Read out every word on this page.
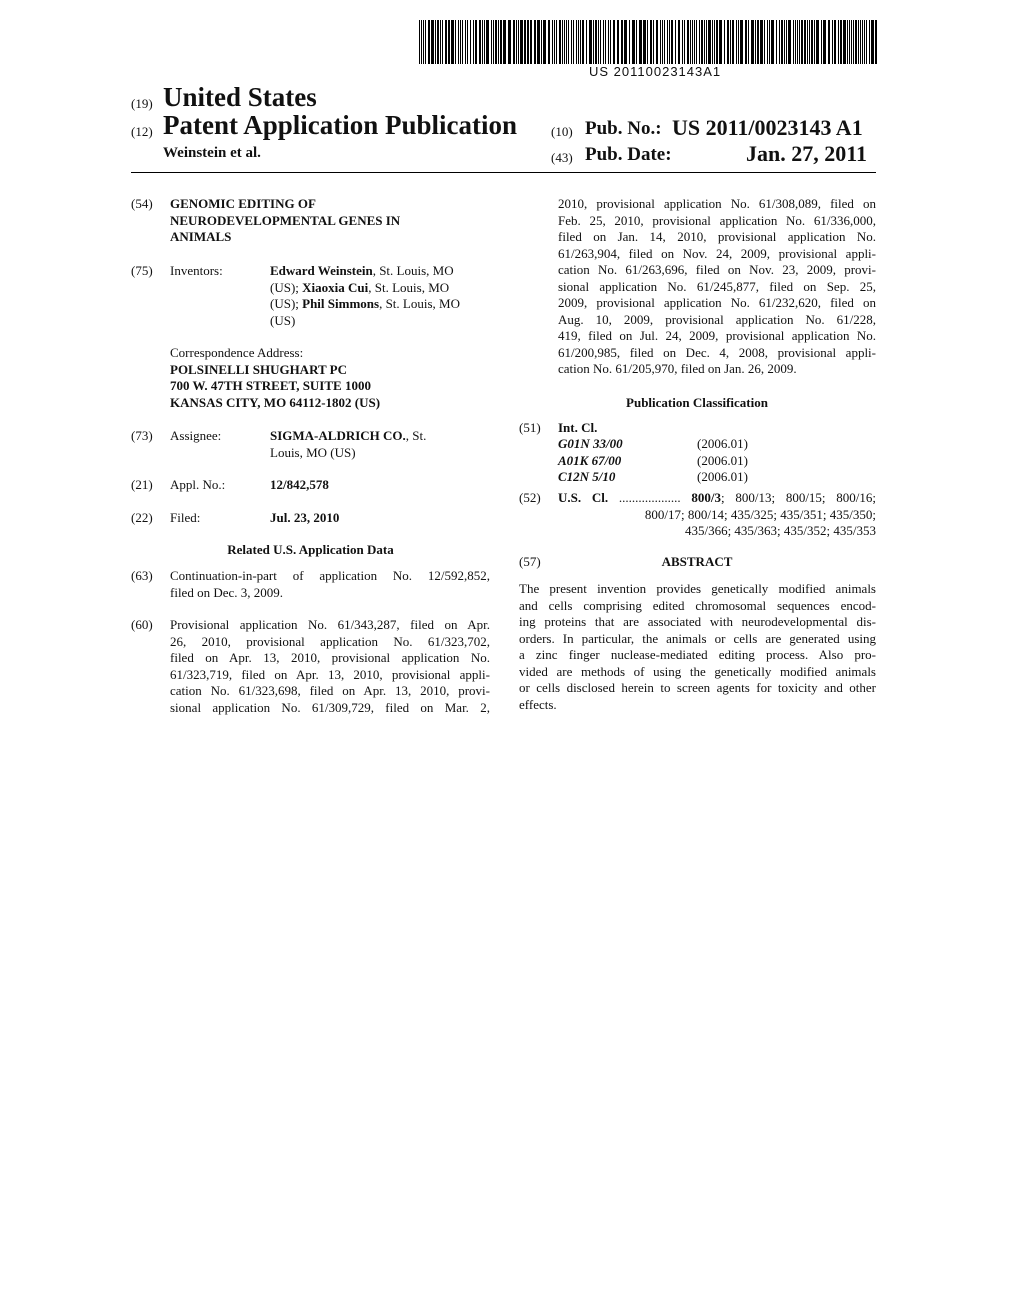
US 20110023143A1
(19) United States
(12) Patent Application Publication
Weinstein et al.
(10) Pub. No.: US 2011/0023143 A1
(43) Pub. Date:	Jan. 27, 2011
(54) GENOMIC EDITING OF
NEURODEVELOPMENTAL GENES IN
ANIMALS
(75) Inventors:	Edward Weinstein, St. Louis, MO
(US); Xiaoxia Cui, St. Louis, MO
(US); Phil Simmons, St. Louis, MO
(US)
Correspondence Address:
POLSINELLI SHUGHART PC
700 W. 47TH STREET, SUITE 1000
KANSAS CITY, MO 64112-1802 (US)
(73) Assignee:	SIGMA-ALDRICH CO., St.
Louis, MO (US)
(21) Appl. No.:	12/842,578
(22) Filed:	Jul. 23, 2010
Related U.S. Application Data
(63) Continuation-in-part of application No. 12/592,852,
filed on Dec. 3, 2009.
(60) Provisional application No. 61/343,287, filed on Apr.
26, 2010, provisional application No. 61/323,702,
filed on Apr. 13, 2010, provisional application No.
61/323,719, filed on Apr. 13, 2010, provisional appli-
cation No. 61/323,698, filed on Apr. 13, 2010, provi-
sional application No. 61/309,729, filed on Mar. 2,
2010, provisional application No. 61/308,089, filed on
Feb. 25, 2010, provisional application No. 61/336,000,
filed on Jan. 14, 2010, provisional application No.
61/263,904, filed on Nov. 24, 2009, provisional appli-
cation No. 61/263,696, filed on Nov. 23, 2009, provi-
sional application No. 61/245,877, filed on Sep. 25,
2009, provisional application No. 61/232,620, filed on
Aug. 10, 2009, provisional application No. 61/228,
419, filed on Jul. 24, 2009, provisional application No.
61/200,985, filed on Dec. 4, 2008, provisional appli-
cation No. 61/205,970, filed on Jan. 26, 2009.
Publication Classification
(51) Int. Cl.
G01N 33/00	(2006.01)
A01K 67/00	(2006.01)
C12N 5/10	(2006.01)
(52) U.S. Cl. ................... 800/3; 800/13; 800/15; 800/16;
800/17; 800/14; 435/325; 435/351; 435/350;
435/366; 435/363; 435/352; 435/353
(57)	ABSTRACT
The present invention provides genetically modified animals
and cells comprising edited chromosomal sequences encod-
ing proteins that are associated with neurodevelopmental dis-
orders. In particular, the animals or cells are generated using
a zinc finger nuclease-mediated editing process. Also pro-
vided are methods of using the genetically modified animals
or cells disclosed herein to screen agents for toxicity and other
effects.
